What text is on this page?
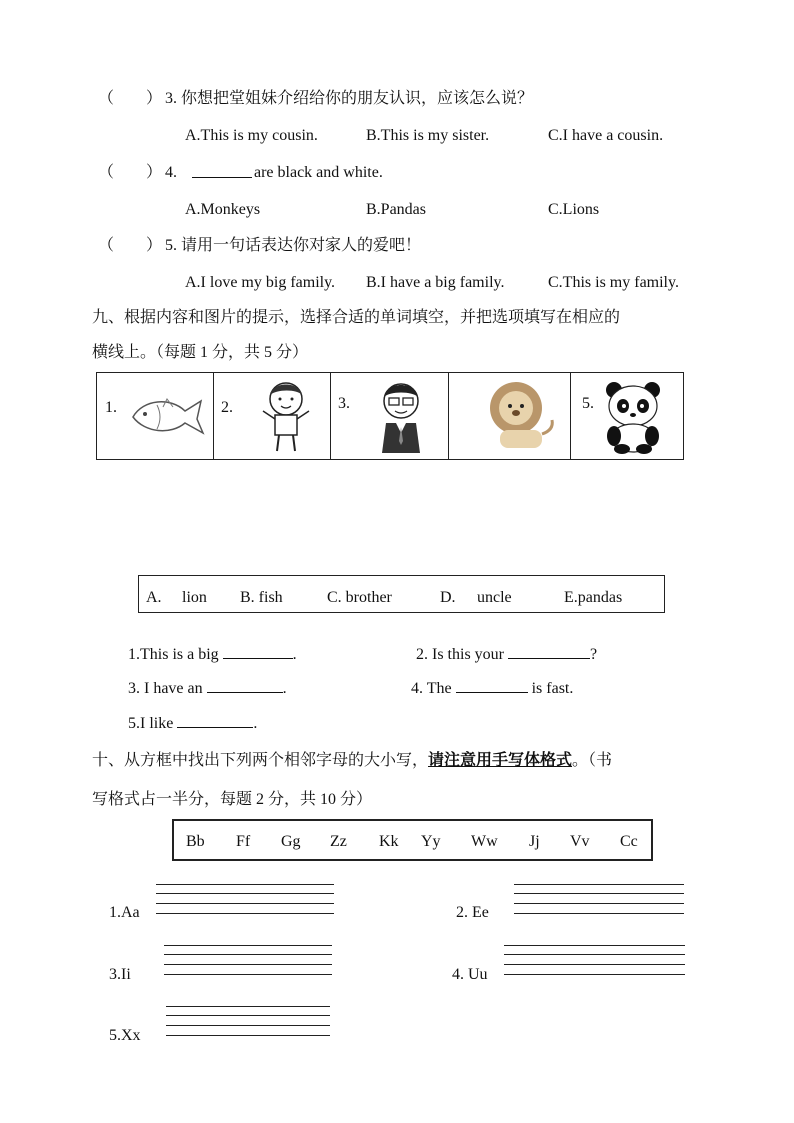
（　　） 3. 你想把堂姐妹介绍给你的朋友认识，应该怎么说？
A.This is my cousin.	B.This is my sister.	C.I have a cousin.
（　　） 4.	are black and white.
A.Monkeys	B.Pandas	C.Lions
（　　） 5. 请用一句话表达你对家人的爱吧！
A.I love my big family. B.I have a big family.	C.This is my family.
九、根据内容和图片的提示，选择合适的单词填空，并把选项填写在相应的
横线上。（每题 1 分，共 5 分）
1.	2.	3.	5.
A. lion B. fish	C. brother	D. uncle	E.pandas
1.This is a big	.	2. Is this your	?
3. I have an	.	4. The	is fast.
5.I like	.
十、从方框中找出下列两个相邻字母的大小写，请注意用手写体格式。（书
写格式占一半分，每题 2 分，共 10 分）
Bb Ff Gg Zz Kk Yy Ww Jj Vv Cc
1.Aa	2. Ee
3.Ii	4. Uu
5.Xx
